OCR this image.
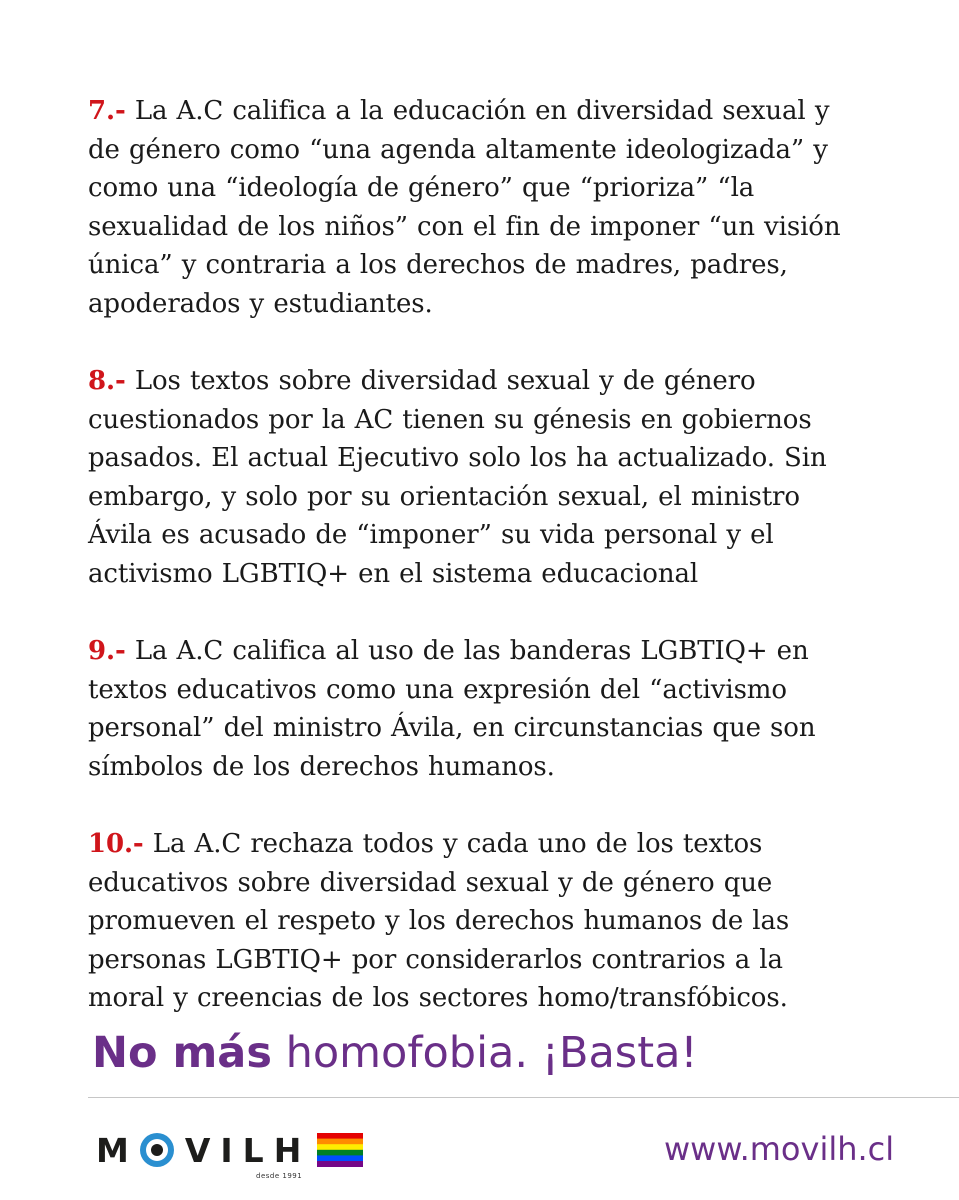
7.- La A.C califica a la educación en diversidad sexual y
de género como “una agenda altamente ideologizada” y
como una “ideología de género” que “prioriza” “la
sexualidad de los niños” con el fin de imponer “un visión
única” y contraria a los derechos de madres, padres,
apoderados y estudiantes.

8.- Los textos sobre diversidad sexual y de género
cuestionados por la AC tienen su génesis en gobiernos
pasados. El actual Ejecutivo solo los ha actualizado. Sin
embargo, y solo por su orientación sexual, el ministro
Ávila es acusado de “imponer” su vida personal y el
activismo LGBTIQ+ en el sistema educacional

9.- La A.C califica al uso de las banderas LGBTIQ+ en
textos educativos como una expresión del “activismo
personal” del ministro Ávila, en circunstancias que son
símbolos de los derechos humanos.

10.- La A.C rechaza todos y cada uno de los textos
educativos sobre diversidad sexual y de género que
promueven el respeto y los derechos humanos de las
personas LGBTIQ+ por considerarlos contrarios a la
moral y creencias de los sectores homo/transfóbicos.

No más homofobia. ¡Basta!
M VILH
desde 1991
www.movilh.cl
